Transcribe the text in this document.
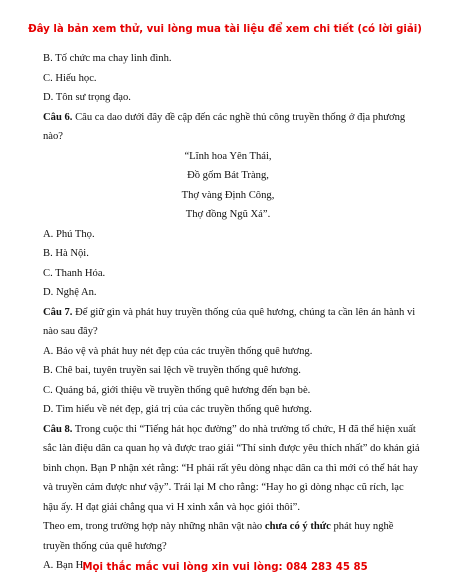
Đây là bản xem thử, vui lòng mua tài liệu để xem chi tiết (có lời giải)
B. Tố chức ma chay linh đình.
C. Hiếu học.
D. Tôn sư trọng đạo.
Câu 6. Câu ca dao dưới đây đề cập đến các nghề thủ công truyền thống ở địa phương
nào?
“Lĩnh hoa Yên Thái,
Đồ gốm Bát Tràng,
Thợ vàng Định Công,
Thợ đồng Ngũ Xá”.
A. Phú Thọ.
B. Hà Nội.
C. Thanh Hóa.
D. Nghệ An.
Câu 7. Để giữ gìn và phát huy truyền thống của quê hương, chúng ta cần lên án hành vi
nào sau đây?
A. Bảo vệ và phát huy nét đẹp của các truyền thống quê hương.
B. Chê bai, tuyên truyền sai lệch về truyền thống quê hương.
C. Quảng bá, giới thiệu về truyền thống quê hương đến bạn bè.
D. Tìm hiểu về nét đẹp, giá trị của các truyền thống quê hương.
Câu 8. Trong cuộc thi “Tiếng hát học đường” do nhà trường tổ chức, H đã thể hiện xuất
sắc làn điệu dân ca quan họ và được trao giải “Thí sinh được yêu thích nhất” do khán giả
bình chọn. Bạn P nhận xét rằng: “H phải rất yêu dòng nhạc dân ca thì mới có thể hát hay
và truyền cảm được như vậy”. Trái lại M cho rằng: “Hay ho gì dòng nhạc cũ rích, lạc
hậu ấy. H đạt giải chẳng qua vì H xinh xắn và học giỏi thôi”.
Theo em, trong trường hợp này những nhân vật nào chưa có ý thức phát huy nghề
truyền thống của quê hương?
A. Bạn H.
Mọi thắc mắc vui lòng xin vui lòng: 084 283 45 85
